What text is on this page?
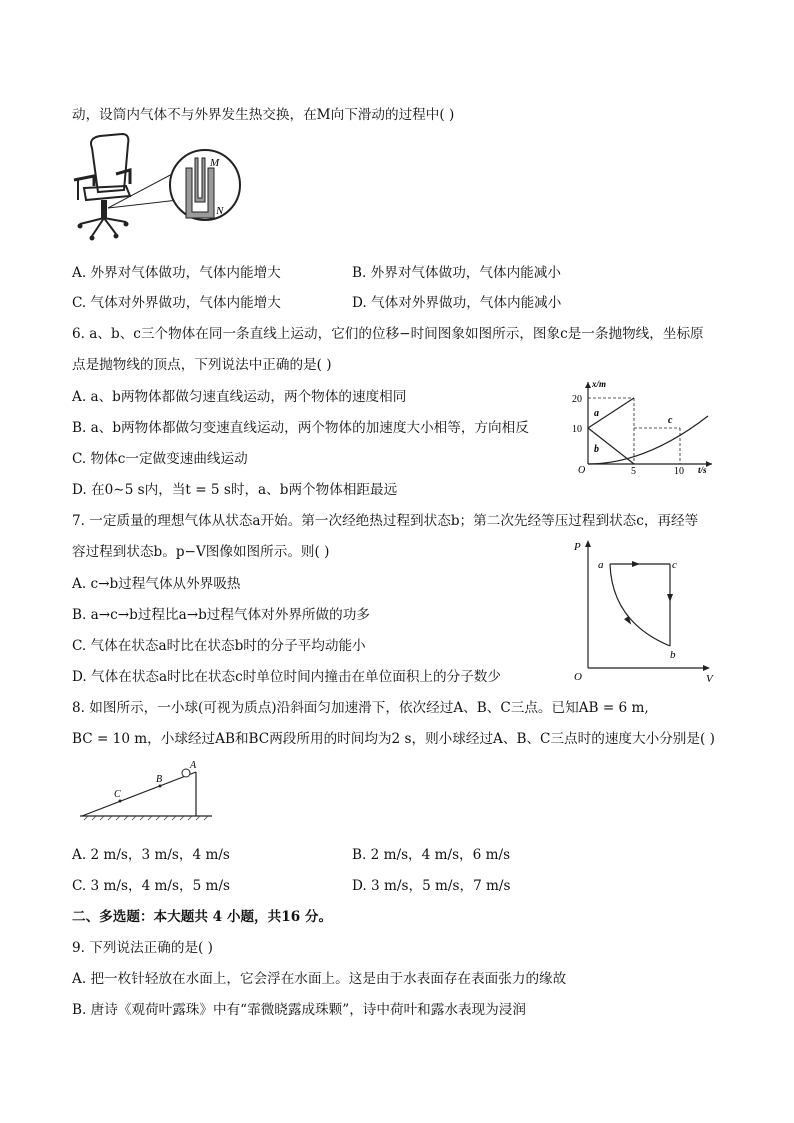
动，设筒内气体不与外界发生热交换，在M向下滑动的过程中( )
M
N
A. 外界对气体做功，气体内能增大	B. 外界对气体做功，气体内能减小
C. 气体对外界做功，气体内能增大	D. 气体对外界做功，气体内能减小
6. a、b、c三个物体在同一条直线上运动，它们的位移−时间图象如图所示，图象c是一条抛物线，坐标原
点是抛物线的顶点，下列说法中正确的是( )
A. a、b两物体都做匀速直线运动，两个物体的速度相同
B. a、b两物体都做匀变速直线运动，两个物体的加速度大小相等，方向相反
C. 物体c一定做变速曲线运动
D. 在0∼5 s内，当t = 5 s时，a、b两个物体相距最远
x/m
t/s
O
20
10
5	10
a
b
c
7. 一定质量的理想气体从状态a开始。第一次经绝热过程到状态b；第二次先经等压过程到状态c，再经等
容过程到状态b。p−V图像如图所示。则( )
A. c→b过程气体从外界吸热
B. a→c→b过程比a→b过程气体对外界所做的功多
C. 气体在状态a时比在状态b时的分子平均动能小
D. 气体在状态a时比在状态c时单位时间内撞击在单位面积上的分子数少
P
V
O
a	c
b
8. 如图所示，一小球(可视为质点)沿斜面匀加速滑下，依次经过A、B、C三点。已知AB = 6 m,
BC = 10 m，小球经过AB和BC两段所用的时间均为2 s，则小球经过A、B、C三点时的速度大小分别是( )
A
B
C
A. 2 m/s，3 m/s，4 m/s	B. 2 m/s，4 m/s，6 m/s
C. 3 m/s，4 m/s，5 m/s	D. 3 m/s，5 m/s，7 m/s
二、多选题：本大题共 4 小题，共16 分。
9. 下列说法正确的是( )
A. 把一枚针轻放在水面上，它会浮在水面上。这是由于水表面存在表面张力的缘故
B. 唐诗《观荷叶露珠》中有“霏微晓露成珠颗”，诗中荷叶和露水表现为浸润
